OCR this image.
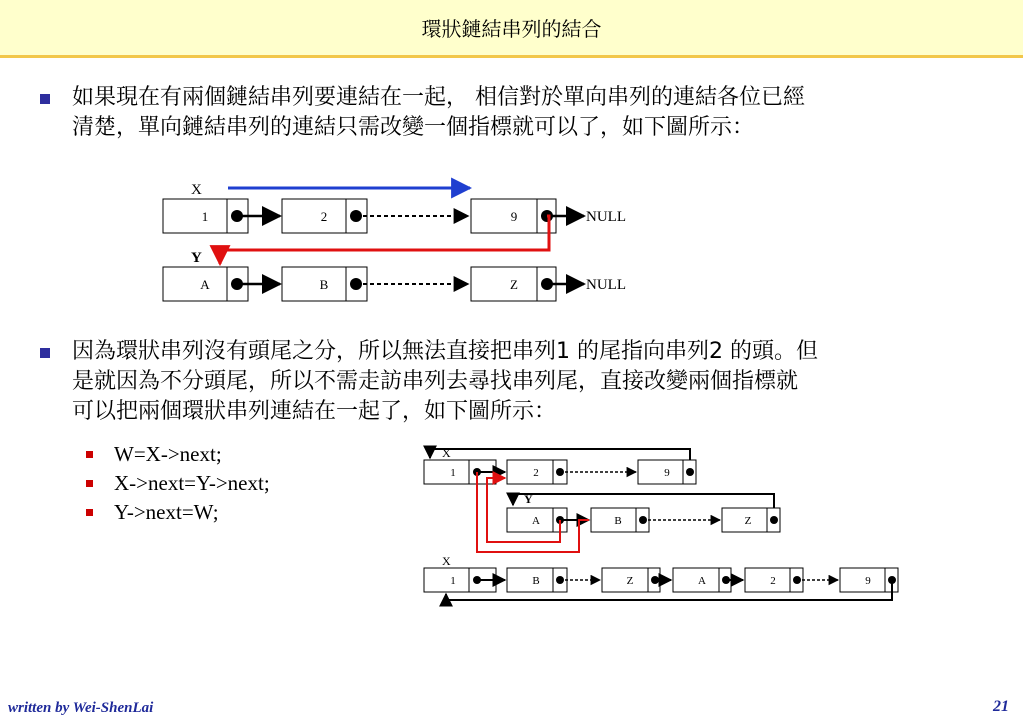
環狀鏈結串列的結合

如果現在有兩個鏈結串列要連結在一起， 相信對於單向串列的連結各位已經
清楚，單向鏈結串列的連結只需改變一個指標就可以了，如下圖所示：

X
1	2	9	NULL
Y
A	B	Z	NULL

因為環狀串列沒有頭尾之分，所以無法直接把串列1 的尾指向串列2 的頭。但
是就因為不分頭尾，所以不需走訪串列去尋找串列尾，直接改變兩個指標就
可以把兩個環狀串列連結在一起了，如下圖所示：

W=X->next;
X->next=Y->next;
Y->next=W;
X
1	2	9
Y
A	B	Z
X
1	B	Z	A	2	9
written by Wei-ShenLai	21
